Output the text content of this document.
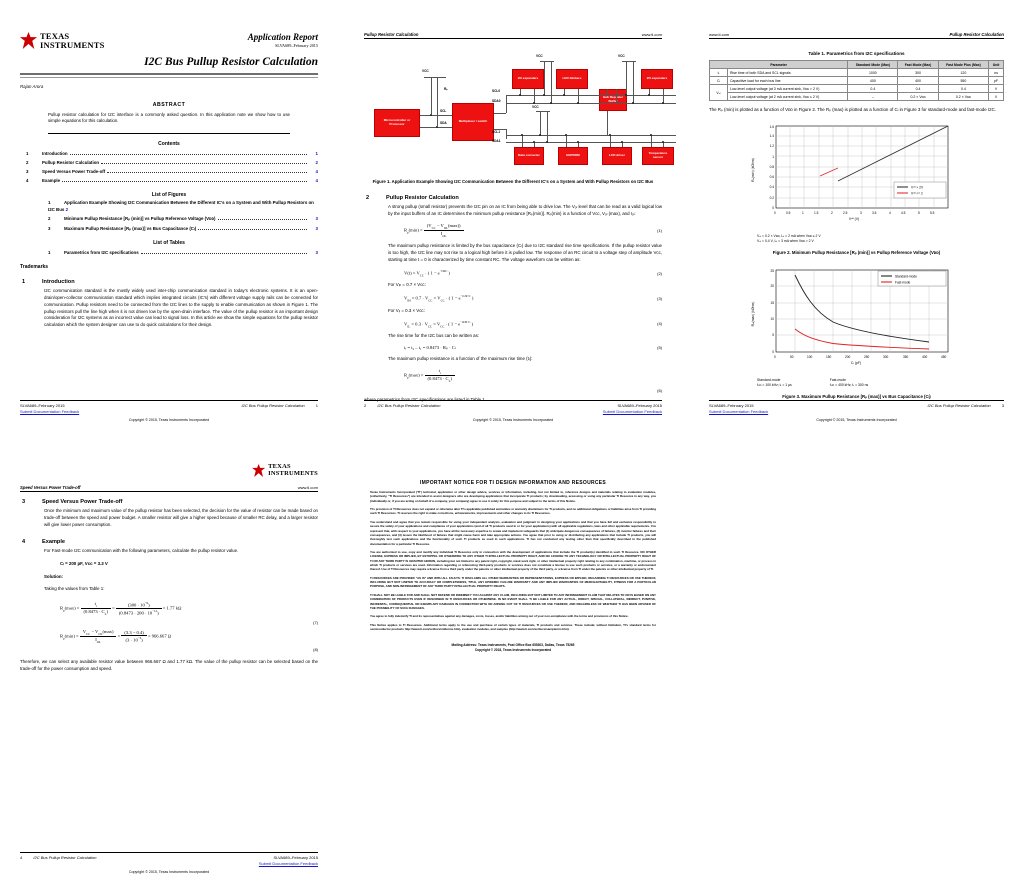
TEXAS
INSTRUMENTS
Application Report
SLVA689–February 2015
I2C Bus Pullup Resistor Calculation
Rajan Arora
ABSTRACT
Pullup resistor calculation for I2C interface is a commonly asked question. In this application note we show how to use simple equations for this calculation.
Contents
1	Introduction	1
2	Pullup Resistor Calculation	2
3	Speed Versus Power Trade-off	4
4	Example	4
List of Figures
1	Application Example Showing I2C Communication Between the Different IC's on a System and With Pullup Resistors on I2C Bus 2
2	Minimum Pullup Resistance [Rₚ (min)] vs Pullup Reference Voltage (Vᴅᴅ)	3
3	Maximum Pullup Resistance [Rₚ (max)] vs Bus Capacitance (Cₗ)	3
List of Tables
1	Parametrics from I2C specifications	3
Trademarks
1	Introduction
I2C communication standard is the mostly widely used inter-chip communication standard in today's electronic systems. It is an open-drain/open-collector communication standard which implies integrated circuits (IC's) with different voltage supply rails can be connected for communication. Pullup resistors need to be connected from the I2C lines to the supply to enable communication as shown in Figure 1. The pullup resistors pull the line high when it is not driven low by the open-drain interface. The value of the pullup resistor is an important design consideration for I2C systems as an incorrect value can lead to signal loss. In this article we show the simple equations for the pullup resistor calculation which the system designer can use to do quick calculations for their design.
SLVA689–February 2015
Submit Documentation Feedback
I2C Bus Pullup Resistor Calculation	1
Copyright © 2015, Texas Instruments Incorporated
Pullup Resistor Calculation	www.ti.com
Microcontroller or Processor
Multiplexer / switch
I/O expanders	LED blinkers
Hub Repeater Buffer
I/O expanders
Data converter	EEPROM	LCD driver	Temperature sensor
VCC
SCL
SDA
Rₙ	SCL0
SDA0
SCL1
SDA1
VCC	VCC
VCC
Figure 1. Application Example Showing I2C Communication Between the Different IC's on a System and With Pullup Resistors on I2C Bus
2	Pullup Resistor Calculation
A strong pullup (small resistor) prevents the I2C pin on an IC from being able to drive low. The Vₒₗ level that can be read as a valid logical low by the input buffers of an IC determines the minimum pullup resistance [Rₚ(min)]. Rₚ(min) is a function of Vᴄᴄ, Vₒₗ (max), and Iₒₗ:
$R_p(\min) = \frac{(V_{CC} - V_{OL}(\max))}{I_{OL}}$	(1)
The maximum pullup resistance is limited by the bus capacitance (Cₗ) due to I2C standard rise time specifications. If the pullup resistor value is too high, the I2C line may not rise to a logical high before it is pulled low. The response of an RC circuit to a voltage step of amplitude Vᴄᴄ, starting at time t = 0 is characterized by time constant RC. The voltage waveform can be written as:
$V(t) = V_{CC}$ · ( $1 - e^{-t/RC}$ )	(2)
For Vᵢₕ = 0.7 × Vᴄᴄ:
$V_{IH} = 0.7 \cdot V_{CC} = V_{CC}$ · ( $1 - e^{-t1/R\cdot C}$ )	(3)
For Vᵢₗ = 0.3 × Vᴄᴄ:
$V_{IL} = 0.3 \cdot V_{CC} = V_{CC}$ · ( $1 - e^{-t2/R\cdot C}$ )	(4)
The rise time for the I2C bus can be written as:
tᵣ = t₂ – t₁ = 0.8473 · Rₚ · Cₗ	(5)
The maximum pullup resistance is a function of the maximum rise time (tᵣ):
$R_p(\max) = \frac{t_r}{(0.8473 \cdot C_L)}$
(6)
where parametrics from I2C specifications are listed in Table 1.
2	I2C Bus Pullup Resistor Calculation	SLVA689–February 2015
Submit Documentation Feedback
Copyright © 2015, Texas Instruments Incorporated
www.ti.com	Pullup Resistor Calculation
Table 1. Parametrics from I2C specifications
Parameter		Standard Mode (Max)	Fast Mode (Max)	Fast Mode Plus (Max)	Unit
tᵣ	Rise time of both SDA and SCL signals	1000	300	120	ns
Cₗ	Capacitive load for each bus line	400	400	550	pF
Vₒₗ	Low-level output voltage (at 3 mA current sink, Vᴅᴅ > 2 V)	0.4	0.4	0.4	V
	Low-level output voltage (at 2 mA current sink, Vᴅᴅ ≤ 2 V)	–	0.2 × Vᴅᴅ	0.2 × Vᴅᴅ	V
The Rₚ (min) is plotted as a function of Vᴅᴅ in Figure 2. The Rₚ (max) is plotted as a function of Cₗ in Figure 3 for standard-mode and fast-mode I2C.
0	0.5	1	1.5	2	2.5	3	3.5	4	4.5	5	5.5
0
0.2
0.4
0.6
0.8
1
1.2
1.4
1.6
Vᵈᵈ (V)
Rₙ(min) (kOhm)
Vᵈᵈ > 2V
Vᵈᵈ <= 2
Vₒₗ = 0.2 × Vᴅᴅ, Iₒₗ = 2 mA when Vᴅᴅ ≤ 2 V
Vₒₗ = 0.4 V, Iₒₗ = 3 mA when Vᴅᴅ > 2 V
Figure 2. Minimum Pullup Resistance [Rₚ (min)] vs Pullup Reference Voltage (Vᴅᴅ)
0	50	100	150	200	250	300	350	400	450
0
5
10
15
20
25
Cₗ (pF)
Rₙ(max) (kOhm)
Standard-mode
Fast-mode
Standard-mode
fₛᴄₗ = 100 kHz; tᵣ = 1 µs
Fast-mode
fₛᴄₗ = 400 kHz; tᵣ = 300 ns
Figure 3. Maximum Pullup Resistance [Rₚ (max)] vs Bus Capacitance (Cₗ)
SLVA689–February 2015
Submit Documentation Feedback
I2C Bus Pullup Resistor Calculation	3
Copyright © 2015, Texas Instruments Incorporated
TEXAS
INSTRUMENTS
Speed Versus Power Trade-off	www.ti.com
3	Speed Versus Power Trade-off
Once the minimum and maximum value of the pullup resistor has been selected, the decision for the value of resistor can be made based on trade-off between the speed and power budget. A smaller resistor will give a higher speed because of smaller RC delay, and a larger resistor will give lower power consumption.
4	Example
For Fast-mode I2C communication with the following parameters, calculate the pullup resistor value.
Cₗ = 200 pF, Vᴄᴄ = 3.3 V
Solution:
Taking the values from Table 1:
$R_p(\max) = \frac{t_r}{(0.8473 \cdot C_L)} = \frac{(300 \cdot 10^{-9})}{(0.8473 \cdot 200 \cdot 10^{-12})} = 1.77$ kΩ
(7)
$R_p(\min) = \frac{V_{CC} - V_{OL}(\max)}{I_{OL}} = \frac{(3.3 - 0.4)}{(3 \cdot 10^{-3})} = 966.667$ Ω
(8)
Therefore, we can select any available resistor value between 966.667 Ω and 1.77 kΩ. The value of the pullup resistor can be selected based on the trade-off for the power consumption and speed.
4	I2C Bus Pullup Resistor Calculation	SLVA689–February 2015
Submit Documentation Feedback
Copyright © 2015, Texas Instruments Incorporated
IMPORTANT NOTICE FOR TI DESIGN INFORMATION AND RESOURCES
Texas Instruments Incorporated ('TI') technical, application or other design advice, services or information, including, but not limited to, reference designs and materials relating to evaluation modules, (collectively, "TI Resources") are intended to assist designers who are developing applications that incorporate TI products; by downloading, accessing or using any particular TI Resource in any way, you (individually or, if you are acting on behalf of a company, your company) agree to use it solely for this purpose and subject to the terms of this Notice.
TI's provision of TI Resources does not expand or otherwise alter TI's applicable published warranties or warranty disclaimers for TI products, and no additional obligations or liabilities arise from TI providing such TI Resources. TI reserves the right to make corrections, enhancements, improvements and other changes to its TI Resources.
You understand and agree that you remain responsible for using your independent analysis, evaluation and judgment in designing your applications and that you have full and exclusive responsibility to assure the safety of your applications and compliance of your applications (and of all TI products used in or for your applications) with all applicable regulations, laws and other applicable requirements. You represent that, with respect to your applications, you have all the necessary expertise to create and implement safeguards that (1) anticipate dangerous consequences of failures, (2) monitor failures and their consequences, and (3) lessen the likelihood of failures that might cause harm and take appropriate actions. You agree that prior to using or distributing any applications that include TI products, you will thoroughly test such applications and the functionality of such TI products as used in such applications. TI has not conducted any testing other than that specifically described in the published documentation for a particular TI Resource.
You are authorized to use, copy and modify any individual TI Resource only in connection with the development of applications that include the TI product(s) identified in such TI Resource. NO OTHER LICENSE, EXPRESS OR IMPLIED, BY ESTOPPEL OR OTHERWISE TO ANY OTHER TI INTELLECTUAL PROPERTY RIGHT, AND NO LICENSE TO ANY TECHNOLOGY OR INTELLECTUAL PROPERTY RIGHT OF TI OR ANY THIRD PARTY IS GRANTED HEREIN, including but not limited to any patent right, copyright, mask work right, or other intellectual property right relating to any combination, machine, or process in which TI products or services are used. Information regarding or referencing third-party products or services does not constitute a license to use such products or services, or a warranty or endorsement thereof. Use of TI Resources may require a license from a third party under the patents or other intellectual property of the third party, or a license from TI under the patents or other intellectual property of TI.
TI RESOURCES ARE PROVIDED "AS IS" AND WITH ALL FAULTS. TI DISCLAIMS ALL OTHER WARRANTIES OR REPRESENTATIONS, EXPRESS OR IMPLIED, REGARDING TI RESOURCES OR USE THEREOF, INCLUDING BUT NOT LIMITED TO ACCURACY OR COMPLETENESS, TITLE, ANY EPIDEMIC FAILURE WARRANTY AND ANY IMPLIED WARRANTIES OF MERCHANTABILITY, FITNESS FOR A PARTICULAR PURPOSE, AND NON-INFRINGEMENT OF ANY THIRD PARTY INTELLECTUAL PROPERTY RIGHTS.
TI SHALL NOT BE LIABLE FOR AND SHALL NOT DEFEND OR INDEMNIFY YOU AGAINST ANY CLAIM, INCLUDING BUT NOT LIMITED TO ANY INFRINGEMENT CLAIM THAT RELATES TO OR IS BASED ON ANY COMBINATION OF PRODUCTS EVEN IF DESCRIBED IN TI RESOURCES OR OTHERWISE. IN NO EVENT SHALL TI BE LIABLE FOR ANY ACTUAL, DIRECT, SPECIAL, COLLATERAL, INDIRECT, PUNITIVE, INCIDENTAL, CONSEQUENTIAL OR EXEMPLARY DAMAGES IN CONNECTION WITH OR ARISING OUT OF TI RESOURCES OR USE THEREOF, AND REGARDLESS OF WHETHER TI HAS BEEN ADVISED OF THE POSSIBILITY OF SUCH DAMAGES.
You agree to fully indemnify TI and its representatives against any damages, costs, losses, and/or liabilities arising out of your non-compliance with the terms and provisions of this Notice.
This Notice applies to TI Resources. Additional terms apply to the use and purchase of certain types of materials, TI products and services. These include; without limitation, TI's standard terms for semiconductor products http://www.ti.com/sc/docs/stdterms.htm), evaluation modules, and samples (http://www.ti.com/sc/docs/sampterms.htm).
Mailing Address: Texas Instruments, Post Office Box 655303, Dallas, Texas 75265
Copyright © 2018, Texas Instruments Incorporated
